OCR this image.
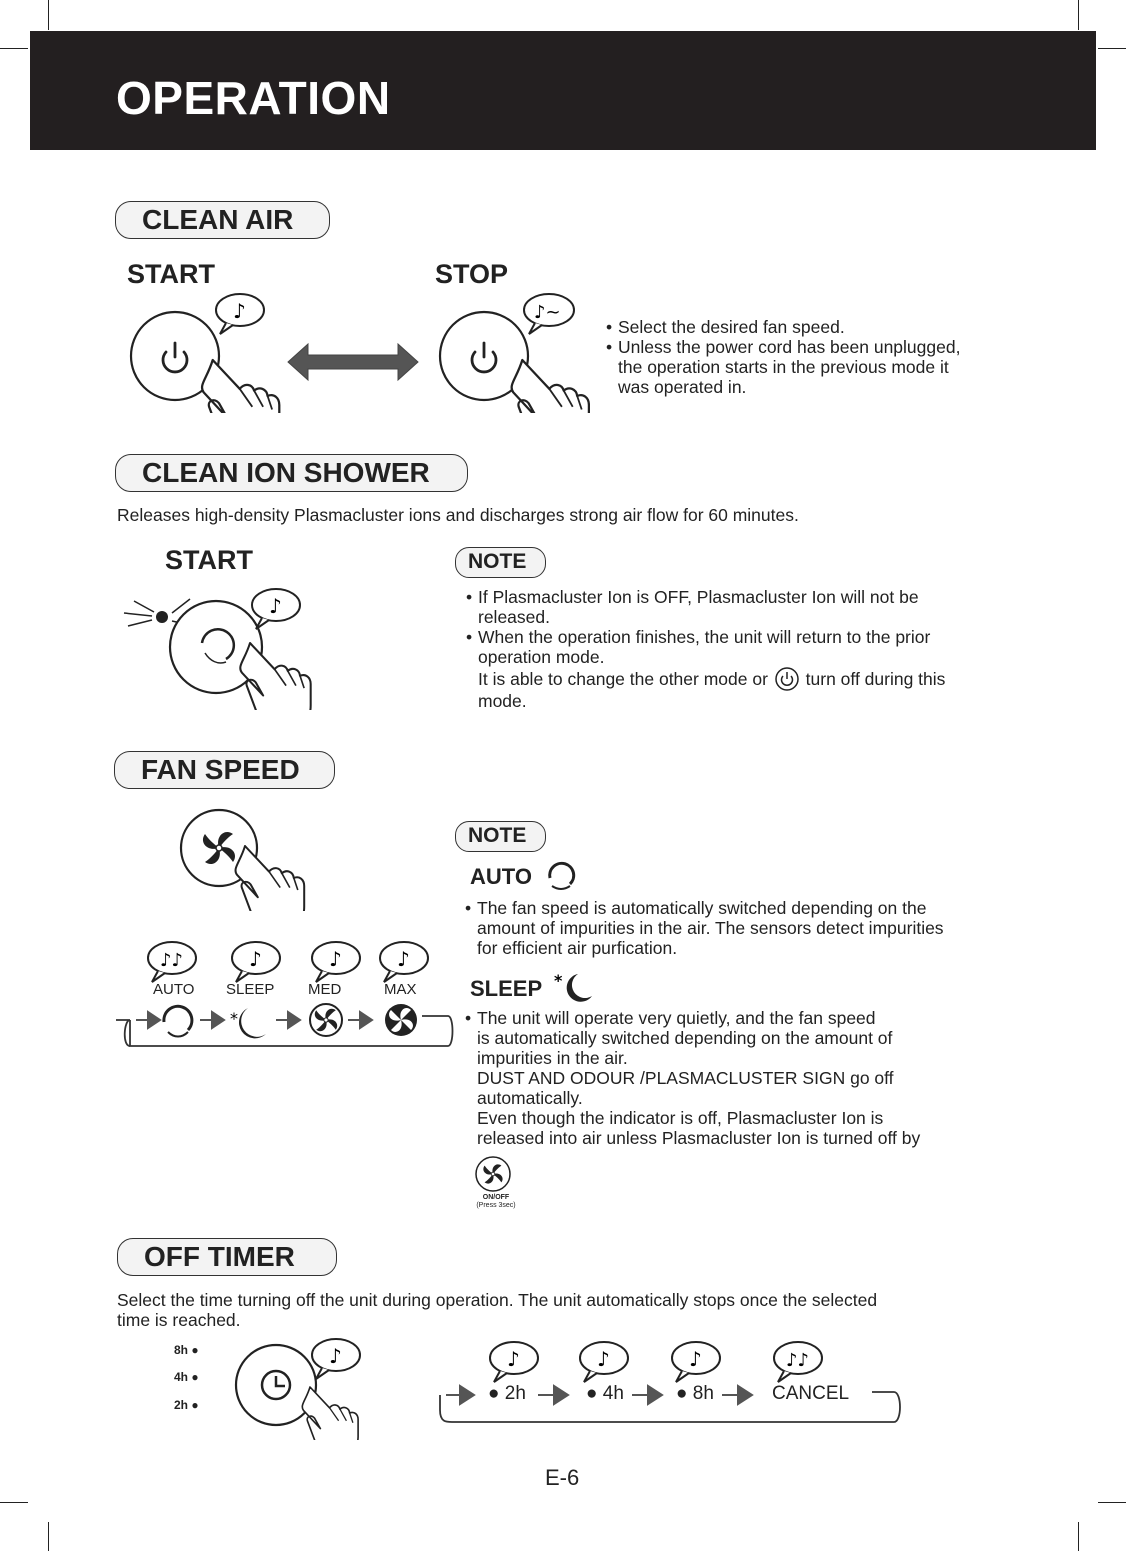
OPERATION
CLEAN AIR
START	STOP
♪	♪~
• Select the desired fan speed.
• Unless the power cord has been unplugged,
the operation starts in the previous mode it
was operated in.
CLEAN ION SHOWER
Releases high-density Plasmacluster ions and discharges strong air flow for 60 minutes.
START
♪
NOTE
• If Plasmacluster Ion is OFF, Plasmacluster Ion will not be
released.
• When the operation finishes, the unit will return to the prior
operation mode.
It is able to change the other mode or turn off during this
mode.
FAN SPEED
♪♪	♪	♪	♪
*
AUTO SLEEP MED	MAX
NOTE
AUTO
• The fan speed is automatically switched depending on the
amount of impurities in the air. The sensors detect impurities
for efficient air purfication.
SLEEP *
• The unit will operate very quietly, and the fan speed
is automatically switched depending on the amount of
impurities in the air.
DUST AND ODOUR /PLASMACLUSTER SIGN go off
automatically.
Even though the indicator is off, Plasmacluster Ion is
released into air unless Plasmacluster Ion is turned off by
ON/OFF
(Press 3sec)
OFF TIMER
Select the time turning off the unit during operation. The unit automatically stops once the selected
time is reached.
8h ●
4h ●
2h ●
♪	♪	♪	♪	♪♪
● 2h	● 4h	● 8h	CANCEL
E-6
